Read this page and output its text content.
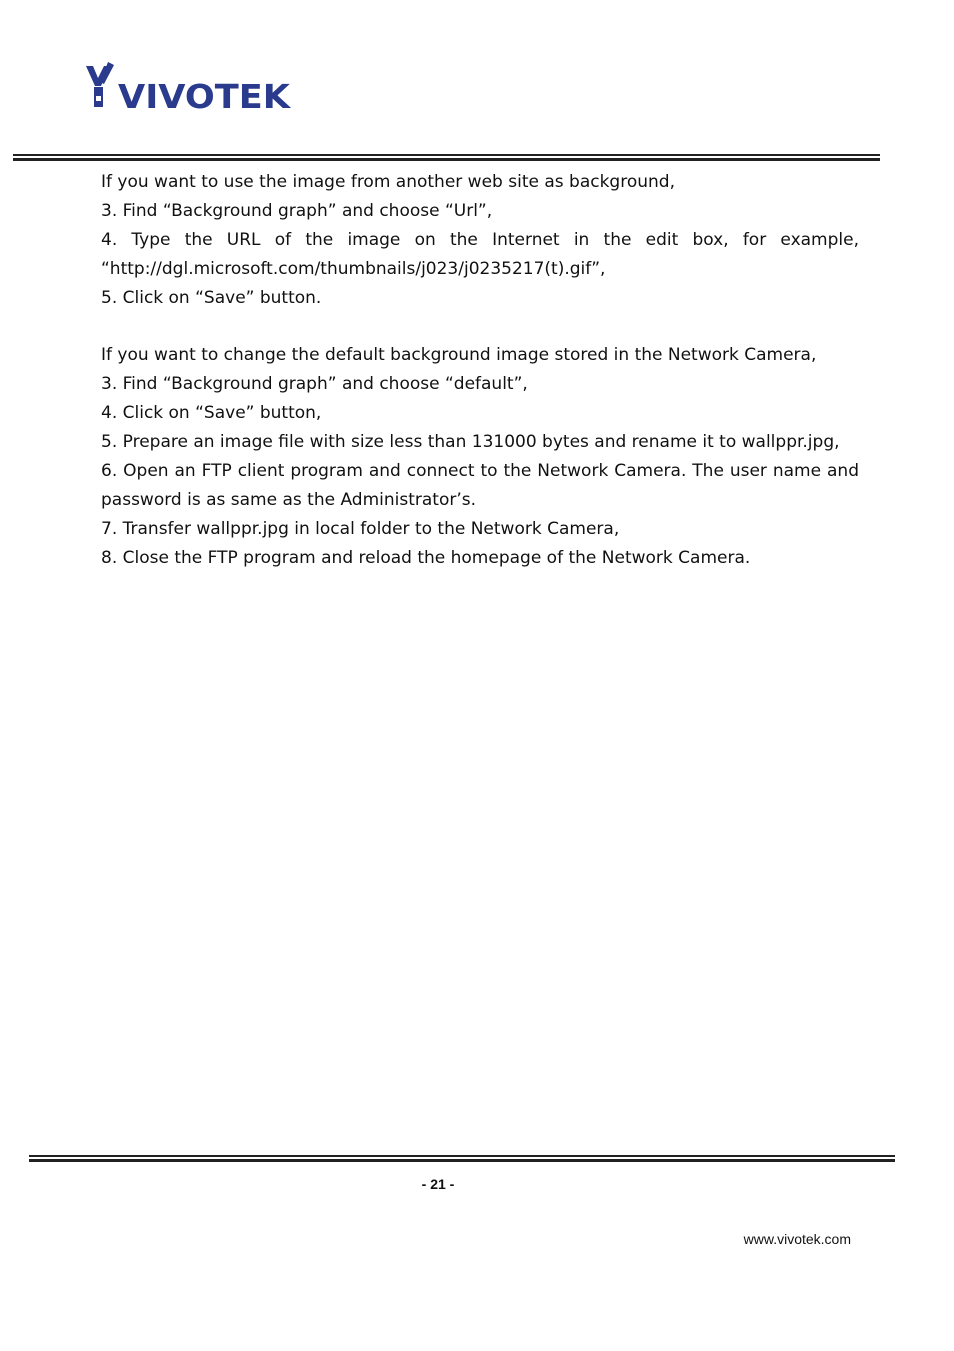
VIVOTEK

If you want to use the image from another web site as background,

3. Find “Background graph” and choose “Url”,

4. Type the URL of the image on the Internet in the edit box, for example,

“http://dgl.microsoft.com/thumbnails/j023/j0235217(t).gif”,

5. Click on “Save” button.

If you want to change the default background image stored in the Network Camera,

3. Find “Background graph” and choose “default”,

4. Click on “Save” button,

5. Prepare an image file with size less than 131000 bytes and rename it to wallppr.jpg,

6. Open an FTP client program and connect to the Network Camera. The user name and

password is as same as the Administrator’s.

7. Transfer wallppr.jpg in local folder to the Network Camera,

8. Close the FTP program and reload the homepage of the Network Camera.

- 21 -
www.vivotek.com
